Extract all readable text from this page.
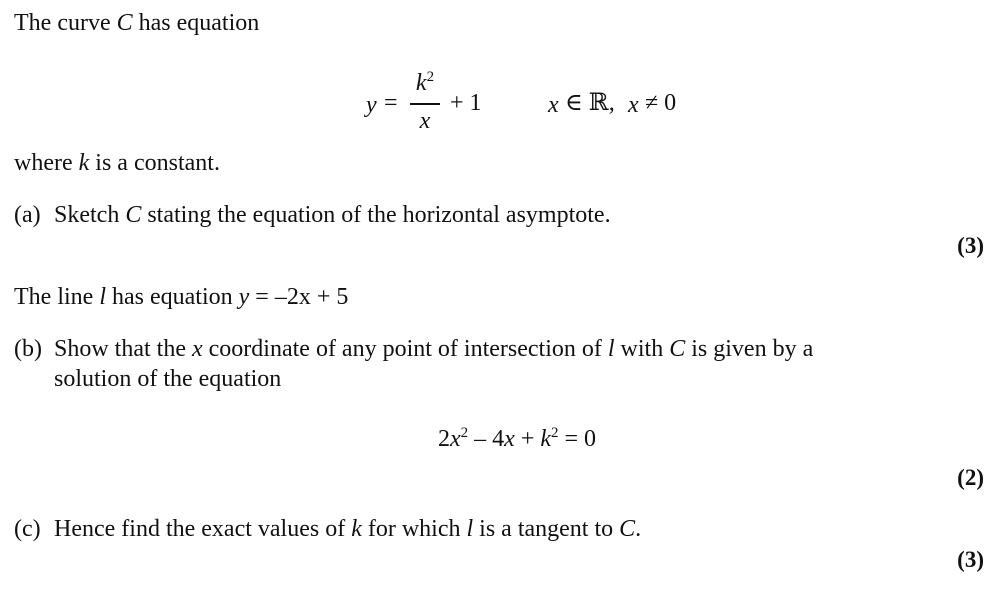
The curve C has equation
y =
$k^2$
x
+ 1	x ∈ ℝ, x ≠ 0
where k is a constant.
(a) Sketch C stating the equation of the horizontal asymptote.
(3)
The line l has equation y = –2x + 5
(b) Show that the x coordinate of any point of intersection of l with C is given by a
solution of the equation
$2x^2 - 4x + k^2 = 0$
(2)
(c) Hence find the exact values of k for which l is a tangent to C.
(3)
